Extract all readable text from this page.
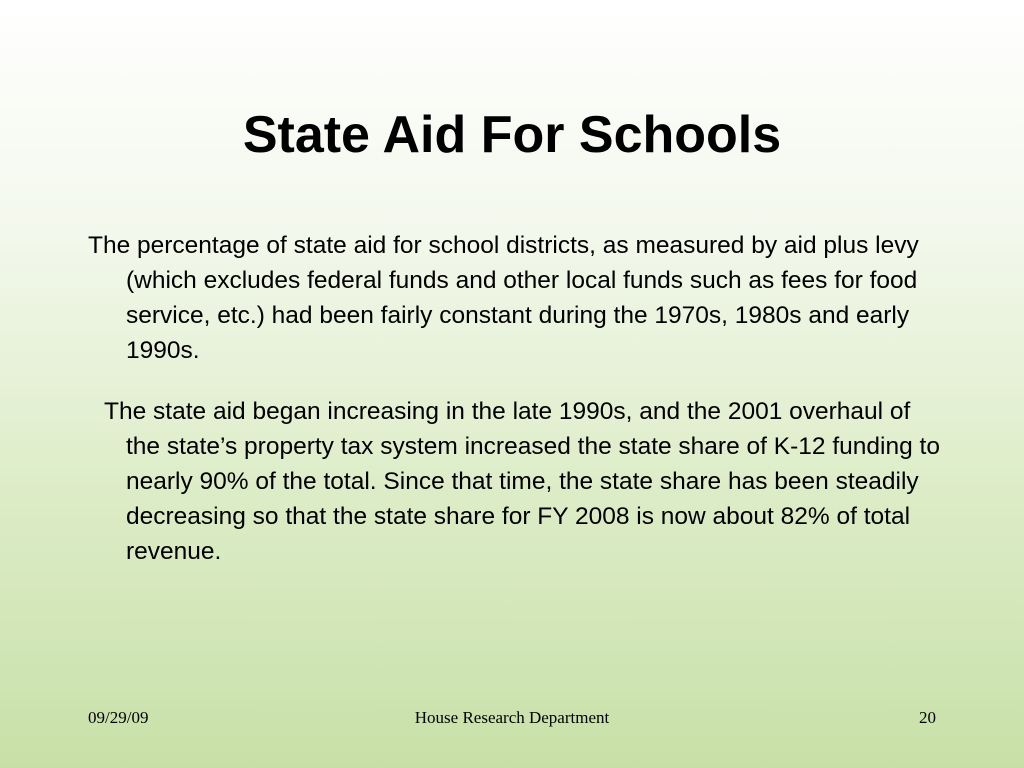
State Aid For Schools

The percentage of state aid for school districts, as measured by aid plus levy (which excludes federal funds and other local funds such as fees for food service, etc.) had been fairly constant during the 1970s, 1980s and early 1990s.

The state aid began increasing in the late 1990s, and the 2001 overhaul of the state’s property tax system increased the state share of K-12 funding to nearly 90% of the total. Since that time, the state share has been steadily decreasing so that the state share for FY 2008 is now about 82% of total revenue.

09/29/09	House Research Department	20
